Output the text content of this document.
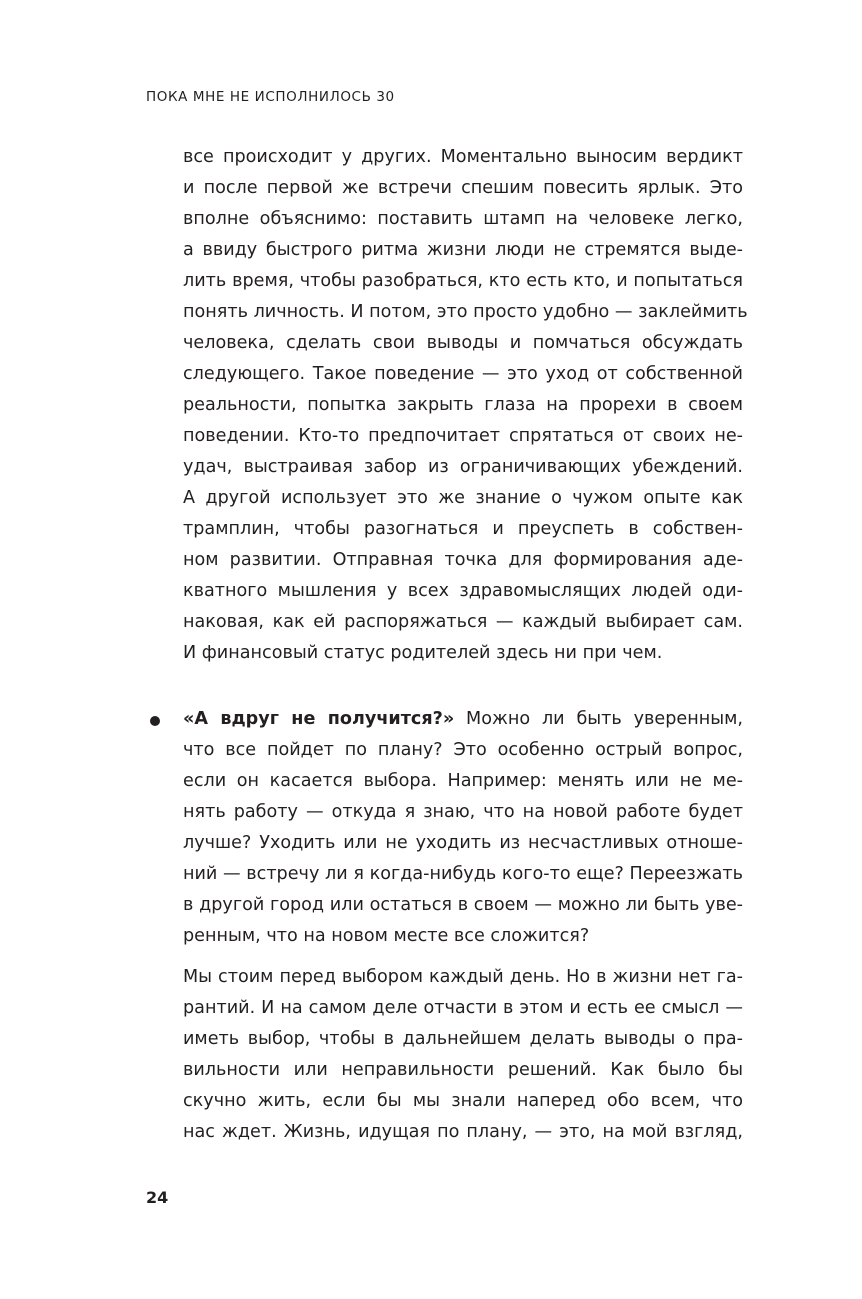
ПОКА МНЕ НЕ ИСПОЛНИЛОСЬ 30
все происходит у других. Моментально выносим вердикт
и после первой же встречи спешим повесить ярлык. Это
вполне объяснимо: поставить штамп на человеке легко,
а ввиду быстрого ритма жизни люди не стремятся выде-
лить время, чтобы разобраться, кто есть кто, и попытаться
понять личность. И потом, это просто удобно — заклеймить
человека, сделать свои выводы и помчаться обсуждать
следующего. Такое поведение — это уход от собственной
реальности, попытка закрыть глаза на прорехи в своем
поведении. Кто-то предпочитает спрятаться от своих не-
удач, выстраивая забор из ограничивающих убеждений.
А другой использует это же знание о чужом опыте как
трамплин, чтобы разогнаться и преуспеть в собствен-
ном развитии. Отправная точка для формирования аде-
кватного мышления у всех здравомыслящих людей оди-
наковая, как ей распоряжаться — каждый выбирает сам.
И финансовый статус родителей здесь ни при чем.
«А вдруг не получится?» Можно ли быть уверенным,
что все пойдет по плану? Это особенно острый вопрос,
если он касается выбора. Например: менять или не ме-
нять работу — откуда я знаю, что на новой работе будет
лучше? Уходить или не уходить из несчастливых отноше-
ний — встречу ли я когда-нибудь кого-то еще? Переезжать
в другой город или остаться в своем — можно ли быть уве-
ренным, что на новом месте все сложится?
Мы стоим перед выбором каждый день. Но в жизни нет га-
рантий. И на самом деле отчасти в этом и есть ее смысл —
иметь выбор, чтобы в дальнейшем делать выводы о пра-
вильности или неправильности решений. Как было бы
скучно жить, если бы мы знали наперед обо всем, что
нас ждет. Жизнь, идущая по плану, — это, на мой взгляд,
24
